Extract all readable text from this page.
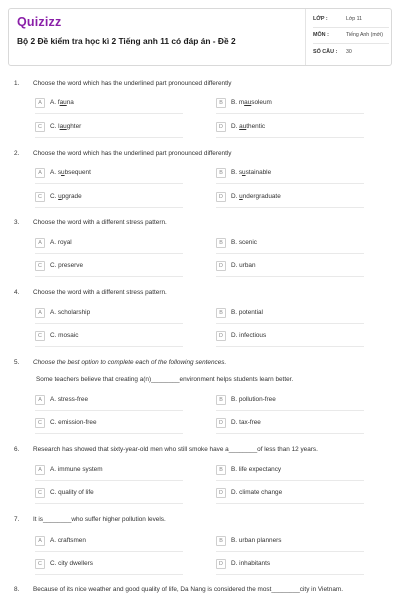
Quizizz
Bộ 2 Đề kiểm tra học kì 2 Tiếng anh 11 có đáp án - Đề 2
LỚP :	Lớp 11
MÔN :	Tiếng Anh (mới)
SỐ CÂU : 30
1. Choose the word which has the underlined part pronounced differently
A	A. fauna	B	B. mausoleum
C	C. laughter	D	D. authentic
2. Choose the word which has the underlined part pronounced differently
A	A. subsequent	B	B. sustainable
C	C. upgrade	D	D. undergraduate
3. Choose the word with a different stress pattern.
A	A. royal	B	B. scenic
C	C. preserve	D	D. urban
4. Choose the word with a different stress pattern.
A	A. scholarship	B	B. potential
C	C. mosaic	D	D. infectious
5. Choose the best option to complete each of the following sentences.
Some teachers believe that creating a(n)________environment helps students learn better.
A	A. stress-free	B	B. pollution-free
C	C. emission-free	D	D. tax-free
6. Research has showed that sixty-year-old men who still smoke have a________of less than 12 years.
A	A. immune system	B	B. life expectancy
C	C. quality of life	D	D. climate change
7. It is________who suffer higher pollution levels.
A	A. craftsmen	B	B. urban planners
C	C. city dwellers	D	D. inhabitants
8. Because of its nice weather and good quality of life, Da Nang is considered the most________city in Vietnam.
